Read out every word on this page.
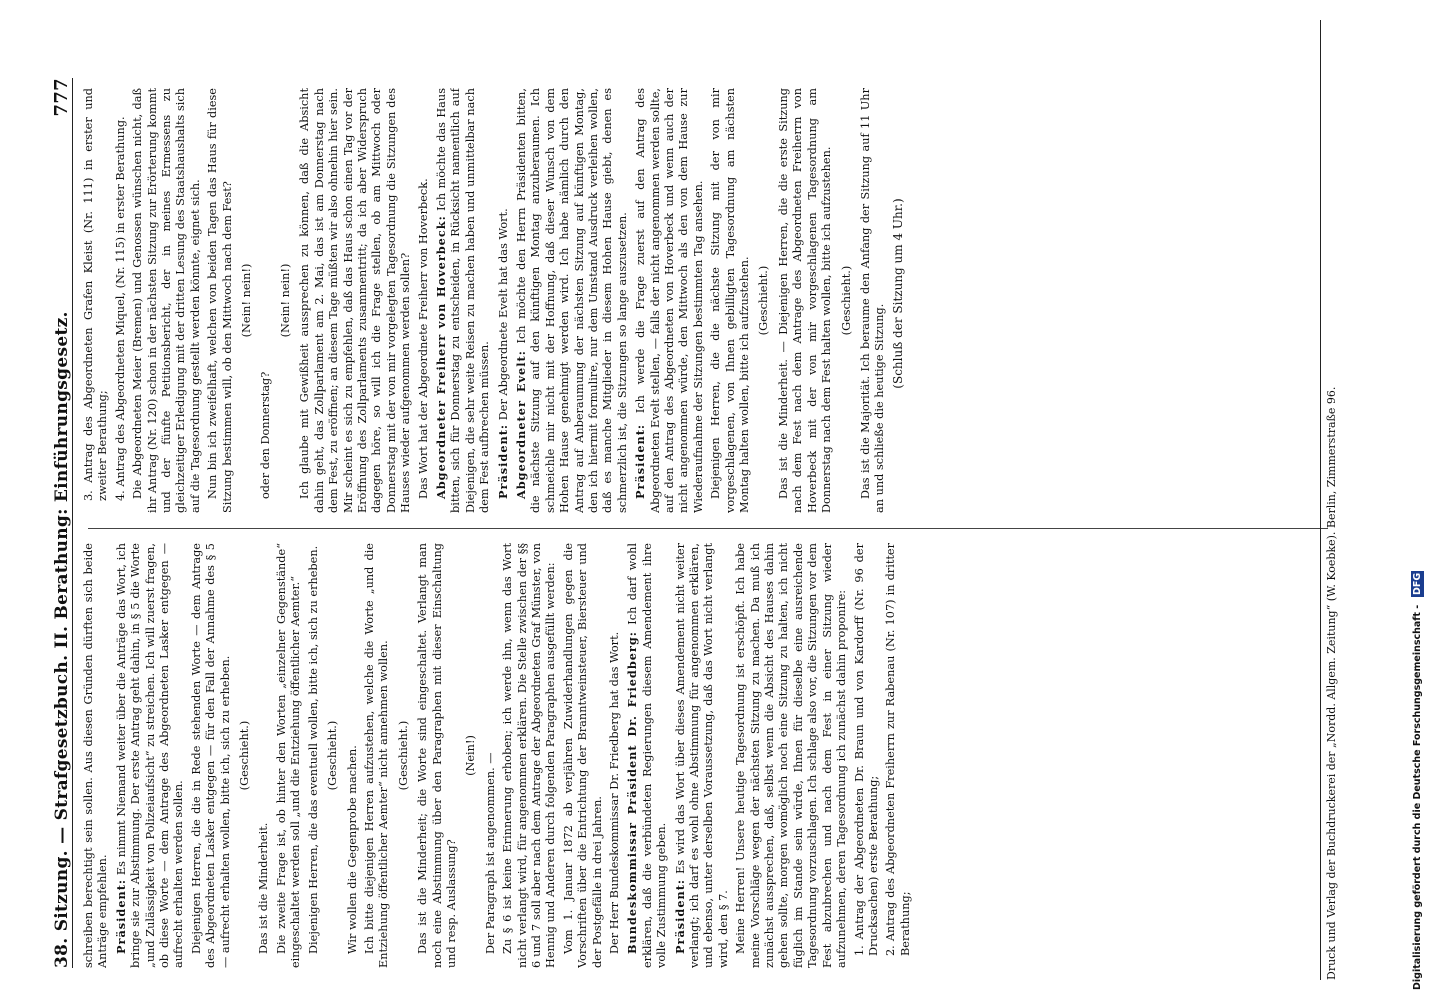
38. Sitzung. — Strafgesetzbuch. II. Berathung: Einführungsgesetz.
777

schreiben berechtigt sein sollen. Aus diesen Gründen dürften sich beide Anträge empfehlen. Präsident: Es nimmt Niemand weiter über die Anträge das Wort, ich bringe sie zur Abstimmung. Der erste Antrag geht dahin, in § 5 die Worte „und Zulässigkeit von Polizeiaufsicht“ zu streichen. Ich will zuerst fragen, ob diese Worte — dem Antrage des Abgeordneten Lasker entgegen — aufrecht erhalten werden sollen. Diejenigen Herren, die die in Rede stehenden Worte — dem Antrage des Abgeordneten Lasker entgegen — für den Fall der Annahme des § 5 — aufrecht erhalten wollen, bitte ich, sich zu erheben. (Geschieht.)

Das ist die Minderheit. Die zweite Frage ist, ob hinter den Worten „einzelner Gegenstände“ eingeschaltet werden soll „und die Entziehung öffentlicher Aemter.“ Diejenigen Herren, die das eventuell wollen, bitte ich, sich zu erheben. (Geschieht.) Wir wollen die Gegenprobe machen. Ich bitte diejenigen Herren aufzustehen, welche die Worte „und die Entziehung öffentlicher Aemter“ nicht annehmen wollen. (Geschieht.) Das ist die Minderheit; die Worte sind eingeschaltet. Verlangt man noch eine Abstimmung über den Paragraphen mit dieser Einschaltung und resp. Auslassung?

(Nein!) Der Paragraph ist angenommen. — Zu § 6 ist keine Erinnerung erhoben; ich werde ihn, wenn das Wort nicht verlangt wird, für angenommen erklären. Die Stelle zwischen der §§ 6 und 7 soll aber nach dem Antrage der Abgeordneten Graf Münster, von Hennig und Anderen durch folgenden Paragraphen ausgefüllt werden: Vom 1. Januar 1872 ab verjähren Zuwiderhandlungen gegen die Vorschriften über die Entrichtung der Branntweinsteuer, Biersteuer und der Postgefälle in drei Jahren. Der Herr Bundeskommissar Dr. Friedberg hat das Wort. Bundeskommissar Präsident Dr. Friedberg: Ich darf wohl erklären, daß die verbündeten Regierungen diesem Amendement ihre volle Zustimmung geben. Präsident: Es wird das Wort über dieses Amendement nicht weiter verlangt; ich darf es wohl ohne Abstimmung für angenommen erklären, und ebenso, unter derselben Voraussetzung, daß das Wort nicht verlangt wird, den § 7. Meine Herren! Unsere heutige Tagesordnung ist erschöpft. Ich habe meine Vorschläge wegen der nächsten Sitzung zu machen. Da muß ich zunächst aussprechen, daß, selbst wenn die Absicht des Hauses dahin gehen sollte, morgen womöglich noch eine Sitzung zu halten, ich nicht füglich im Stande sein würde, Ihnen für dieselbe eine ausreichende Tagesordnung vorzuschlagen. Ich schlage also vor, die Sitzungen vor dem Fest abzubrechen und nach dem Fest in einer Sitzung wieder aufzunehmen, deren Tagesordnung ich zunächst dahin proponire: 1. Antrag der Abgeordneten Dr. Braun und von Kardorff (Nr. 96 der Drucksachen) erste Berathung; 2. Antrag des Abgeordneten Freiherrn zur Rabenau (Nr. 107) in dritter Berathung;

3. Antrag des Abgeordneten Grafen Kleist (Nr. 111) in erster und zweiter Berathung; 4. Antrag des Abgeordneten Miquel, (Nr. 115) in erster Berathung. Die Abgeordneten Meier (Bremen) und Genossen wünschen nicht, daß ihr Antrag (Nr. 120) schon in der nächsten Sitzung zur Erörterung kommt und der fünfte Petitionsbericht, der in meines Ermessens zu gleichzeitiger Erledigung mit der dritten Lesung des Staatshaushalts sich auf die Tagesordnung gestellt werden könnte, eignet sich. Nun bin ich zweifelhaft, welchen von beiden Tagen das Haus für diese Sitzung bestimmen will, ob den Mittwoch nach dem Fest? (Nein! nein!)

oder den Donnerstag?

(Nein! nein!) Ich glaube mit Gewißheit aussprechen zu können, daß die Absicht dahin geht, das Zollparlament am 2. Mai, das ist am Donnerstag nach dem Fest, zu eröffnen; an diesem Tage müßten wir also ohnehin hier sein. Mir scheint es sich zu empfehlen, daß das Haus schon einen Tag vor der Eröffnung des Zollparlaments zusammentritt; da ich aber Widerspruch dagegen höre, so will ich die Frage stellen, ob am Mittwoch oder Donnerstag mit der von mir vorgelegten Tagesordnung die Sitzungen des Hauses wieder aufgenommen werden sollen? Das Wort hat der Abgeordnete Freiherr von Hoverbeck. Abgeordneter Freiherr von Hoverbeck: Ich möchte das Haus bitten, sich für Donnerstag zu entscheiden, in Rücksicht namentlich auf Diejenigen, die sehr weite Reisen zu machen haben und unmittelbar nach dem Fest aufbrechen müssen. Präsident: Der Abgeordnete Evelt hat das Wort.

Abgeordneter Evelt: Ich möchte den Herrn Präsidenten bitten, die nächste Sitzung auf den künftigen Montag anzuberaumen. Ich schmeichle mir nicht mit der Hoffnung, daß dieser Wunsch von dem Hohen Hause genehmigt werden wird. Ich habe nämlich durch den Antrag auf Anberaumung der nächsten Sitzung auf künftigen Montag, den ich hiermit formulire, nur dem Umstand Ausdruck verleihen wollen, daß es manche Mitglieder in diesem Hohen Hause giebt, denen es schmerzlich ist, die Sitzungen so lange auszusetzen. Präsident: Ich werde die Frage zuerst auf den Antrag des Abgeordneten Evelt stellen, — falls der nicht angenommen werden sollte, auf den Antrag des Abgeordneten von Hoverbeck und wenn auch der nicht angenommen würde, den Mittwoch als den von dem Hause zur Wiederaufnahme der Sitzungen bestimmten Tag ansehen. Diejenigen Herren, die die nächste Sitzung mit der von mir vorgeschlagenen, von Ihnen gebilligten Tagesordnung am nächsten Montag halten wollen, bitte ich aufzustehen. (Geschieht.) Das ist die Minderheit. — Diejenigen Herren, die die erste Sitzung nach dem Fest nach dem Antrage des Abgeordneten Freiherrn von Hoverbeck mit der von mir vorgeschlagenen Tagesordnung am Donnerstag nach dem Fest halten wollen, bitte ich aufzustehen. (Geschieht.) Das ist die Majorität. Ich beraume den Anfang der Sitzung auf 11 Uhr an und schließe die heutige Sitzung.

(Schluß der Sitzung um 4 Uhr.)

Druck und Verlag der Buchdruckerei der „Nordd. Allgem. Zeitung“ (W. Koebke). Berlin, Zimmerstraße 96.	Digitalisierung gefördert durch die Deutsche Forschungsgemeinschaft - DFG
